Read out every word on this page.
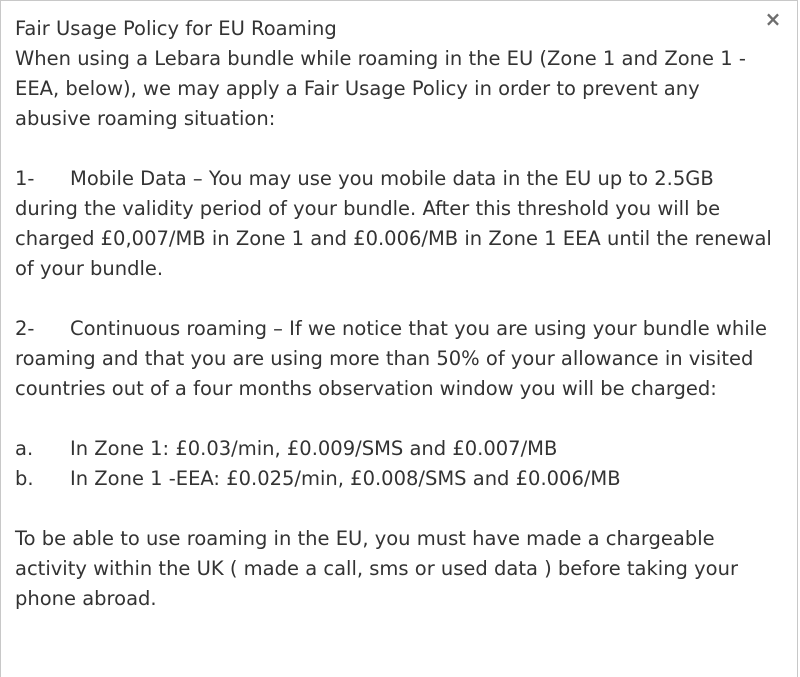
×

Fair Usage Policy for EU Roaming

When using a Lebara bundle while roaming in the EU (Zone 1 and Zone 1 - EEA, below), we may apply a Fair Usage Policy in order to prevent any abusive roaming situation:

1- Mobile Data – You may use you mobile data in the EU up to 2.5GB during the validity period of your bundle. After this threshold you will be charged £0,007/MB in Zone 1 and £0.006/MB in Zone 1 EEA until the renewal of your bundle.

2- Continuous roaming – If we notice that you are using your bundle while roaming and that you are using more than 50% of your allowance in visited countries out of a four months observation window you will be charged:

a. In Zone 1: £0.03/min, £0.009/SMS and £0.007/MB

b. In Zone 1 -EEA: £0.025/min, £0.008/SMS and £0.006/MB

To be able to use roaming in the EU, you must have made a chargeable activity within the UK ( made a call, sms or used data ) before taking your phone abroad.
